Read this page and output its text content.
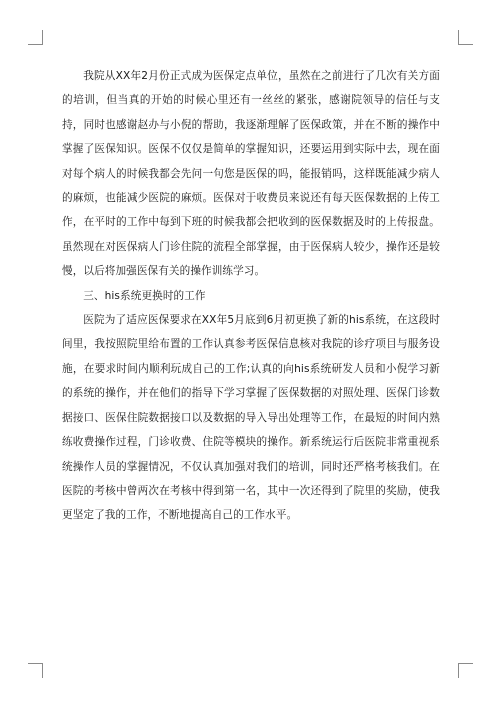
我院从XX年2月份正式成为医保定点单位，虽然在之前进行了几次有关方面的培训，但当真的开始的时候心里还有一丝丝的紧张，感谢院领导的信任与支持，同时也感谢赵办与小倪的帮助，我逐渐理解了医保政策，并在不断的操作中掌握了医保知识。医保不仅仅是简单的掌握知识，还要运用到实际中去，现在面对每个病人的时候我都会先问一句您是医保的吗，能报销吗，这样既能减少病人的麻烦，也能减少医院的麻烦。医保对于收费员来说还有每天医保数据的上传工作，在平时的工作中每到下班的时候我都会把收到的医保数据及时的上传报盘。虽然现在对医保病人门诊住院的流程全部掌握，由于医保病人较少，操作还是较慢，以后将加强医保有关的操作训练学习。

三、his系统更换时的工作

医院为了适应医保要求在XX年5月底到6月初更换了新的his系统，在这段时间里，我按照院里给布置的工作认真参考医保信息核对我院的诊疗项目与服务设施，在要求时间内顺利玩成自己的工作;认真的向his系统研发人员和小倪学习新的系统的操作，并在他们的指导下学习掌握了医保数据的对照处理、医保门诊数据接口、医保住院数据接口以及数据的导入导出处理等工作，在最短的时间内熟练收费操作过程，门诊收费、住院等模块的操作。新系统运行后医院非常重视系统操作人员的掌握情况，不仅认真加强对我们的培训，同时还严格考核我们。在医院的考核中曾两次在考核中得到第一名，其中一次还得到了院里的奖励，使我更坚定了我的工作，不断地提高自己的工作水平。
